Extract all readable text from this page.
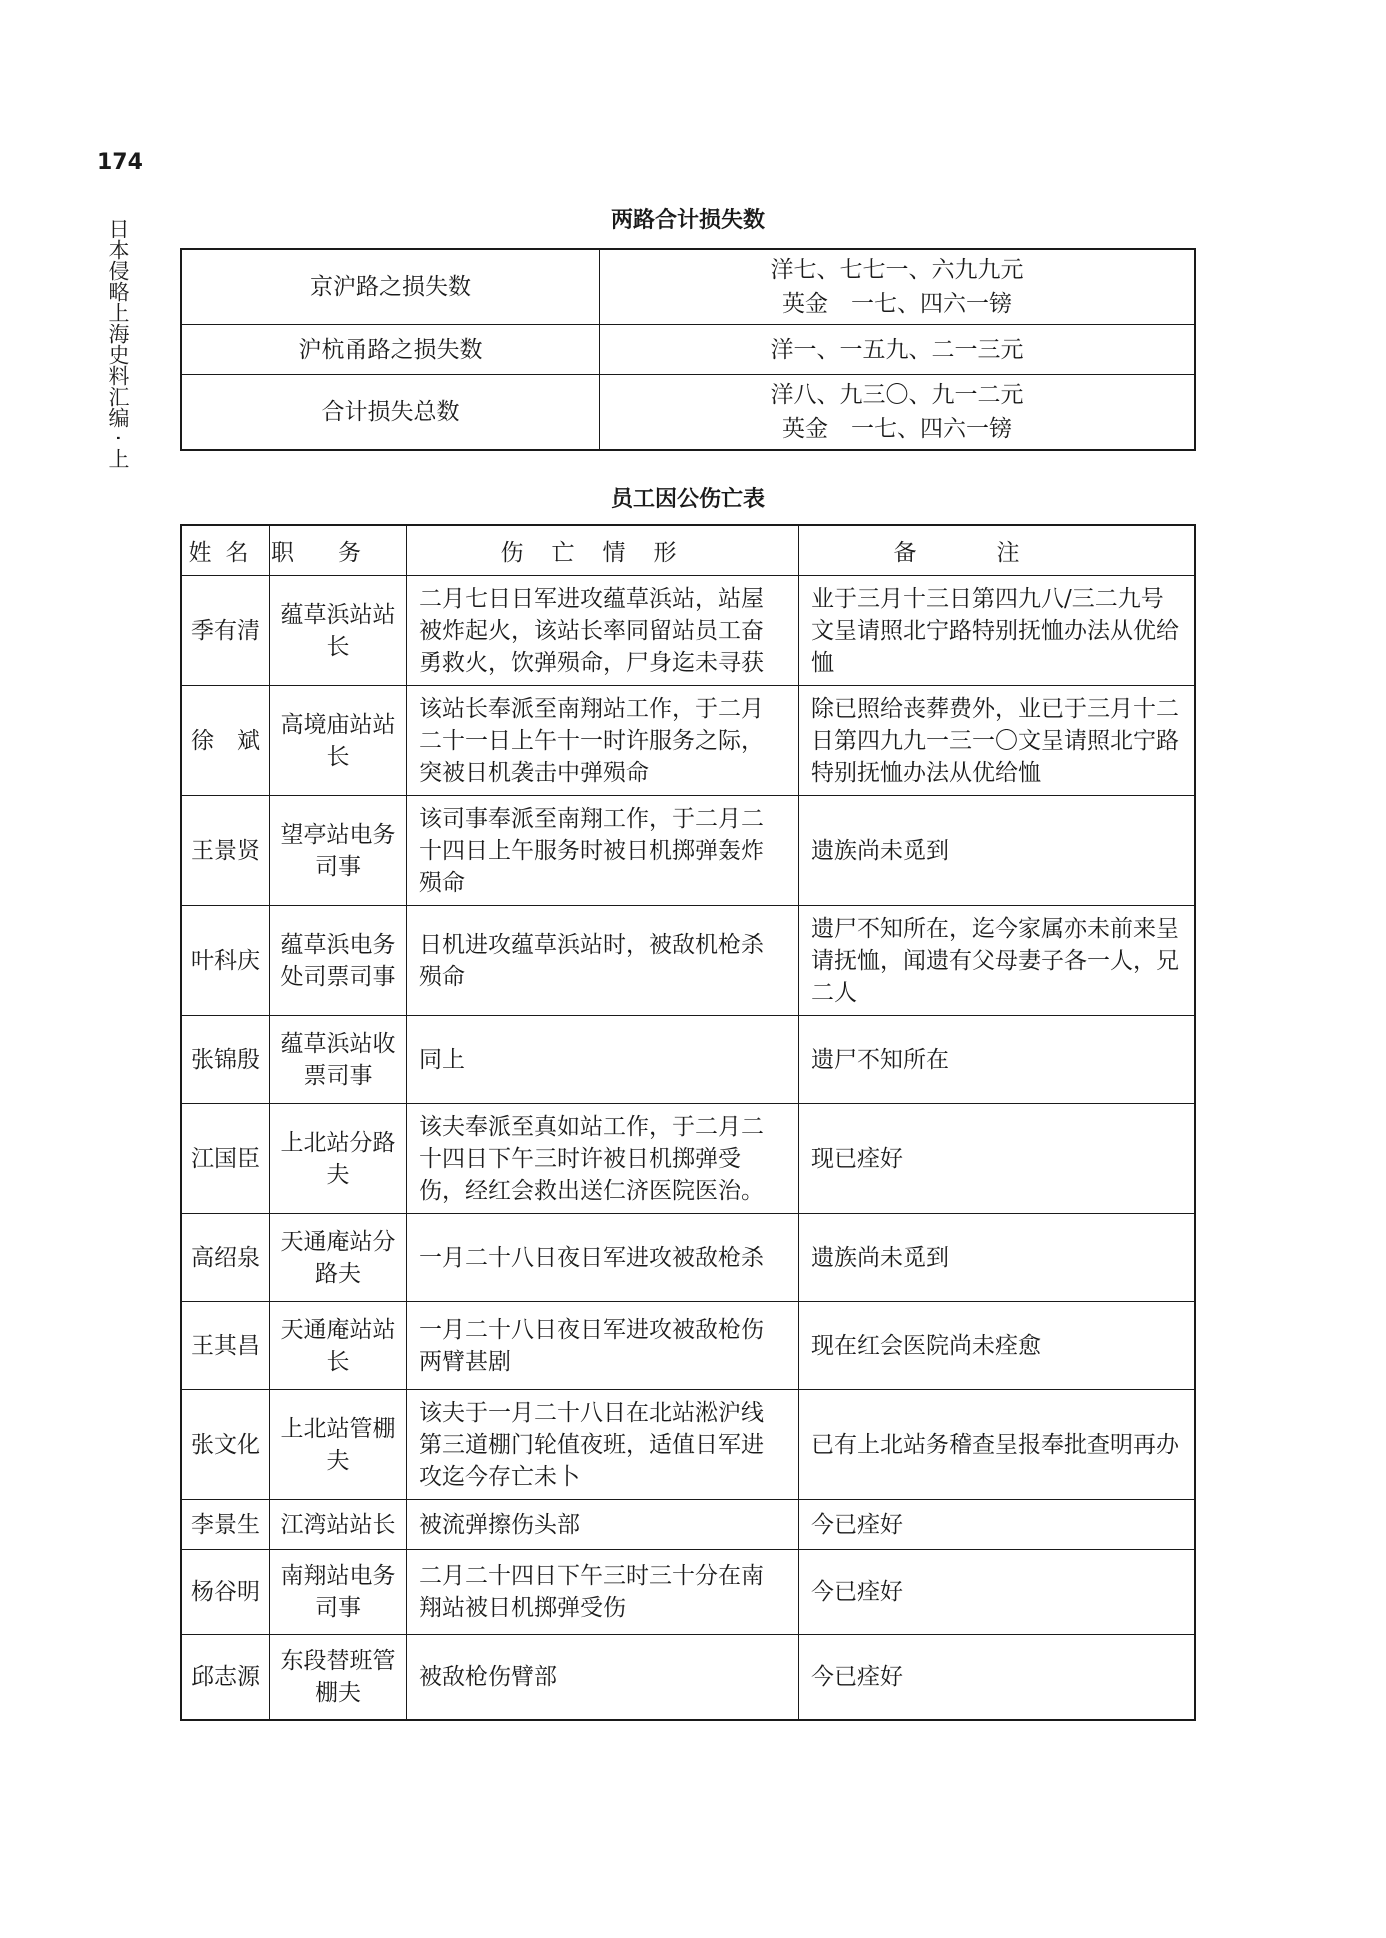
174
日本侵略上海史料汇编 · 上	两路合计损失数
京沪路之损失数	洋七、七七一、六九九元
英金　一七、四六一镑

沪杭甬路之损失数	洋一、一五九、二一三元

合计损失总数	洋八、九三〇、九一二元
英金　一七、四六一镑
员工因公伤亡表
姓名	职务	伤亡情形	备注
季有清	蕴草浜站站长	二月七日日军进攻蕴草浜站，站屋被炸起火，该站长率同留站员工奋勇救火，饮弹殒命，尸身迄未寻获	业于三月十三日第四九八/三二九号文呈请照北宁路特别抚恤办法从优给恤
徐　斌	高境庙站站长	该站长奉派至南翔站工作，于二月二十一日上午十一时许服务之际，突被日机袭击中弹殒命	除已照给丧葬费外，业已于三月十二日第四九九一三一〇文呈请照北宁路特别抚恤办法从优给恤
王景贤	望亭站电务司事	该司事奉派至南翔工作，于二月二十四日上午服务时被日机掷弹轰炸殒命	遗族尚未觅到
叶科庆	蕴草浜电务处司票司事	日机进攻蕴草浜站时，被敌机枪杀殒命	遗尸不知所在，迄今家属亦未前来呈请抚恤，闻遗有父母妻子各一人，兄二人
张锦殷	蕴草浜站收票司事	同上	遗尸不知所在
江国臣	上北站分路夫	该夫奉派至真如站工作，于二月二十四日下午三时许被日机掷弹受伤，经红会救出送仁济医院医治。	现已痊好
高绍泉	天通庵站分路夫	一月二十八日夜日军进攻被敌枪杀	遗族尚未觅到
王其昌	天通庵站站长	一月二十八日夜日军进攻被敌枪伤两臂甚剧	现在红会医院尚未痊愈
张文化	上北站管棚夫	该夫于一月二十八日在北站淞沪线第三道棚门轮值夜班，适值日军进攻迄今存亡未卜	已有上北站务稽查呈报奉批查明再办
李景生	江湾站站长	被流弹擦伤头部	今已痊好
杨谷明	南翔站电务司事	二月二十四日下午三时三十分在南翔站被日机掷弹受伤	今已痊好
邱志源	东段替班管棚夫	被敌枪伤臂部	今已痊好
